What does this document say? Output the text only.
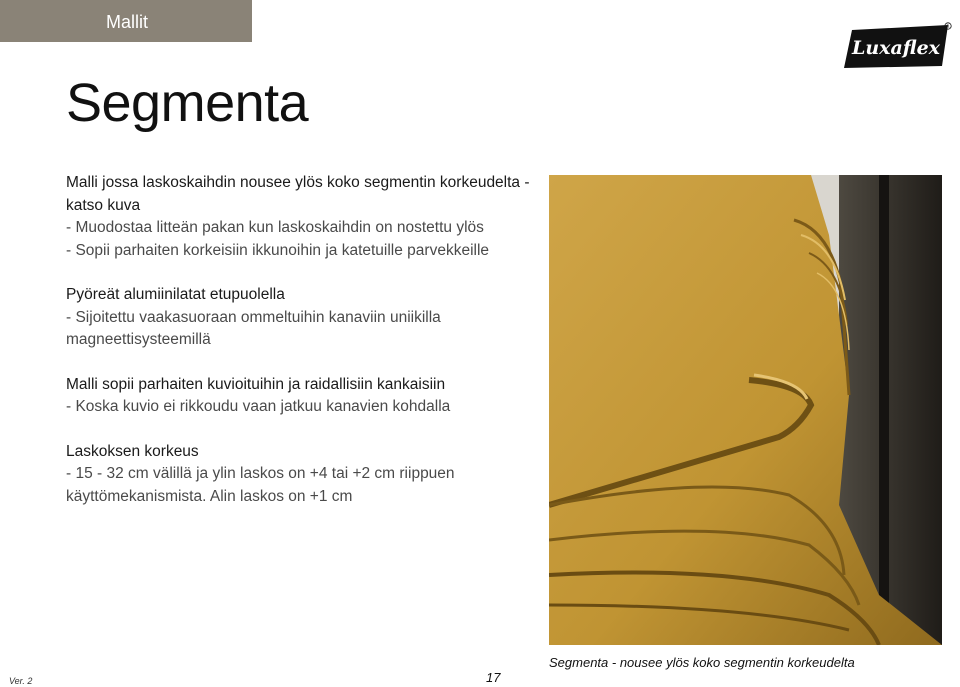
Mallit
Luxaflex
R
Segmenta

Malli jossa laskoskaihdin nousee ylös koko segmentin korkeudelta - katso kuva

- Muodostaa litteän pakan kun laskoskaihdin on nostettu ylös

- Sopii parhaiten korkeisiin ikkunoihin ja katetuille parvekkeille

Pyöreät alumiinilatat etupuolella

- Sijoitettu vaakasuoraan ommeltuihin kanaviin uniikilla magneettisysteemillä

Malli sopii parhaiten kuvioituihin ja raidallisiin kankaisiin

- Koska kuvio ei rikkoudu vaan jatkuu kanavien kohdalla

Laskoksen korkeus

- 15 - 32 cm välillä ja ylin laskos on +4 tai +2 cm riippuen käyttömekanismista. Alin laskos on +1 cm

Segmenta - nousee ylös koko segmentin korkeudelta
Ver. 2	17
